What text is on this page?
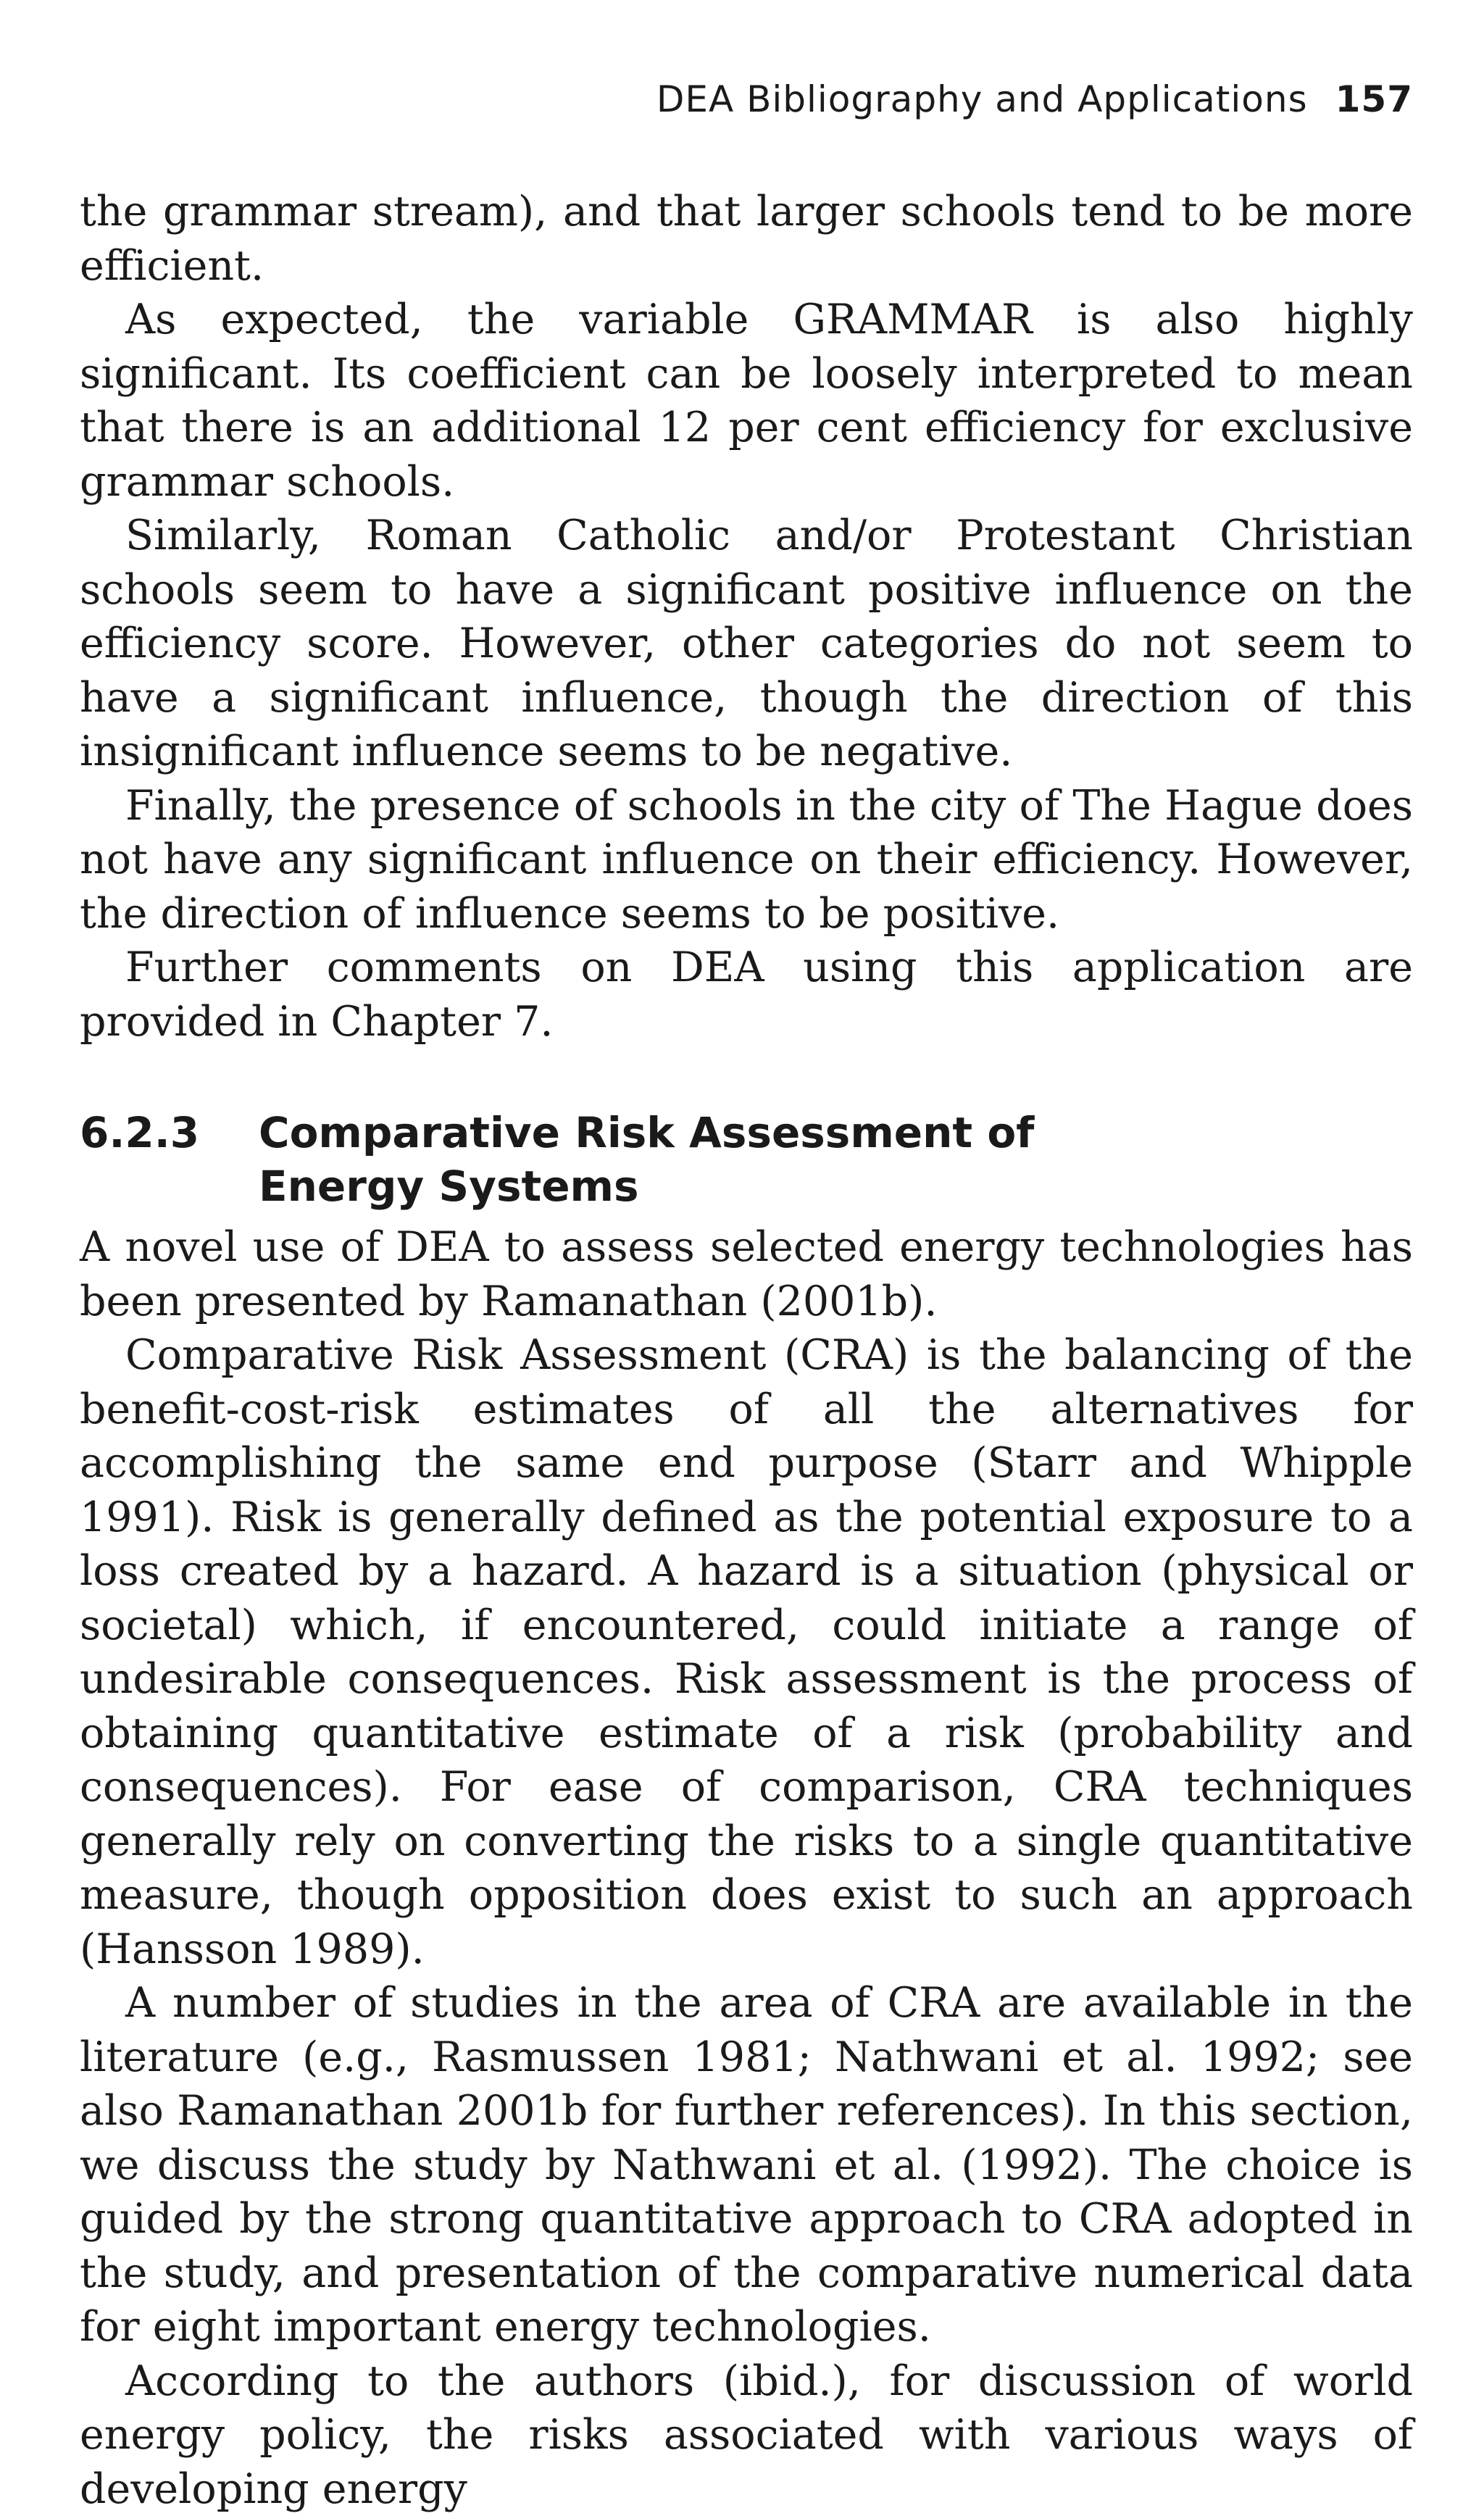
DEA Bibliography and Applications 157

the grammar stream), and that larger schools tend to be more efficient.

As expected, the variable GRAMMAR is also highly significant. Its coefficient can be loosely interpreted to mean that there is an additional 12 per cent efficiency for exclusive grammar schools.

Similarly, Roman Catholic and/or Protestant Christian schools seem to have a significant positive influence on the efficiency score. However, other categories do not seem to have a significant influence, though the direction of this insignificant influence seems to be negative.

Finally, the presence of schools in the city of The Hague does not have any significant influence on their efficiency. However, the direction of influence seems to be positive.

Further comments on DEA using this application are provided in Chapter 7.

6.2.3	Comparative Risk Assessment of Energy Systems

A novel use of DEA to assess selected energy technologies has been presented by Ramanathan (2001b).

Comparative Risk Assessment (CRA) is the balancing of the benefit-cost-risk estimates of all the alternatives for accomplishing the same end purpose (Starr and Whipple 1991). Risk is generally defined as the potential exposure to a loss created by a hazard. A hazard is a situation (physical or societal) which, if encountered, could initiate a range of undesirable consequences. Risk assessment is the process of obtaining quantitative estimate of a risk (probability and consequences). For ease of comparison, CRA techniques generally rely on converting the risks to a single quantitative measure, though opposition does exist to such an approach (Hansson 1989).

A number of studies in the area of CRA are available in the literature (e.g., Rasmussen 1981; Nathwani et al. 1992; see also Ramanathan 2001b for further references). In this section, we discuss the study by Nathwani et al. (1992). The choice is guided by the strong quantitative approach to CRA adopted in the study, and presentation of the comparative numerical data for eight important energy technologies.

According to the authors (ibid.), for discussion of world energy policy, the risks associated with various ways of developing energy
